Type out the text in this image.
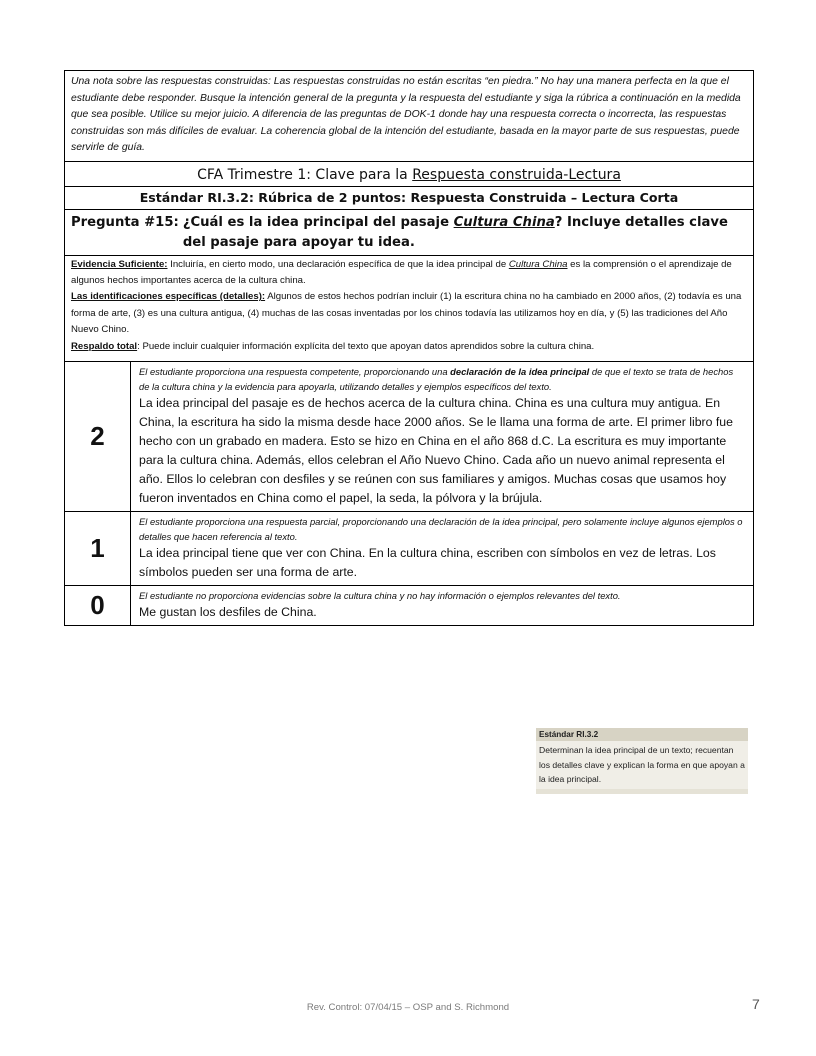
Una nota sobre las respuestas construidas: Las respuestas construidas no están escritas “en piedra.” No hay una manera perfecta en la que el estudiante debe responder. Busque la intención general de la pregunta y la respuesta del estudiante y siga la rúbrica a continuación en la medida que sea posible. Utilice su mejor juicio. A diferencia de las preguntas de DOK-1 donde hay una respuesta correcta o incorrecta, las respuestas construidas son más difíciles de evaluar. La coherencia global de la intención del estudiante, basada en la mayor parte de sus respuestas, puede servirle de guía.	
CFA Trimestre 1: Clave para la Respuesta construida-Lectura	
Estándar RI.3.2: Rúbrica de 2 puntos: Respuesta Construida – Lectura Corta	

Pregunta #15: ¿Cuál es la idea principal del pasaje Cultura China? Incluye detalles clave del pasaje para apoyar tu idea.	

Evidencia Suficiente: Incluiría, en cierto modo, una declaración específica de que la idea principal de Cultura China es la comprensión o el aprendizaje de algunos hechos importantes acerca de la cultura china.
Las identificaciones específicas (detalles): Algunos de estos hechos podrían incluir (1) la escritura china no ha cambiado en 2000 años, (2) todavía es una forma de arte, (3) es una cultura antigua, (4) muchas de las cosas inventadas por los chinos todavía las utilizamos hoy en día, y (5) las tradiciones del Año Nuevo Chino.
Respaldo total: Puede incluir cualquier información explícita del texto que apoyan datos aprendidos sobre la cultura china.	
2	El estudiante proporciona una respuesta competente, proporcionando una declaración de la idea principal de que el texto se trata de hechos de la cultura china y la evidencia para apoyarla, utilizando detalles y ejemplos específicos del texto.
La idea principal del pasaje es de hechos acerca de la cultura china. China es una cultura muy antigua. En China, la escritura ha sido la misma desde hace 2000 años. Se le llama una forma de arte. El primer libro fue hecho con un grabado en madera. Esto se hizo en China en el año 868 d.C. La escritura es muy importante para la cultura china. Además, ellos celebran el Año Nuevo Chino. Cada año un nuevo animal representa el año. Ellos lo celebran con desfiles y se reúnen con sus familiares y amigos. Muchas cosas que usamos hoy fueron inventados en China como el papel, la seda, la pólvora y la brújula.

1	El estudiante proporciona una respuesta parcial, proporcionando una declaración de la idea principal, pero solamente incluye algunos ejemplos o detalles que hacen referencia al texto.
La idea principal tiene que ver con China. En la cultura china, escriben con símbolos en vez de letras. Los símbolos pueden ser una forma de arte.

0	El estudiante no proporciona evidencias sobre la cultura china y no hay información o ejemplos relevantes del texto.
Me gustan los desfiles de China.
Estándar RI.3.2
Determinan la idea principal de un texto; recuentan los detalles clave y explican la forma en que apoyan a la idea principal.
Rev. Control: 07/04/15 – OSP and S. Richmond	7
